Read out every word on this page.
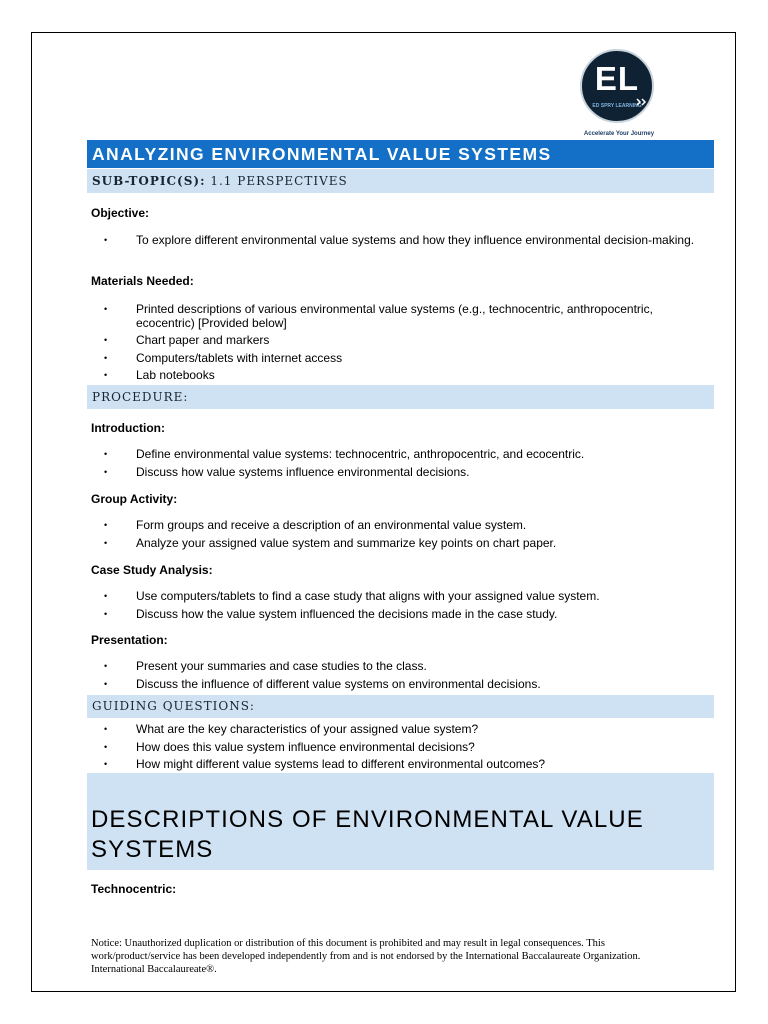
EL
ED SPRY LEARNING
Accelerate Your Journey
ANALYZING ENVIRONMENTAL VALUE SYSTEMS
SUB-TOPIC(S): 1.1 PERSPECTIVES
Objective:
• To explore different environmental value systems and how they influence environmental decision-making.
Materials Needed:
• Printed descriptions of various environmental value systems (e.g., technocentric, anthropocentric, ecocentric) [Provided below]
• Chart paper and markers
• Computers/tablets with internet access
• Lab notebooks
PROCEDURE:
Introduction:
• Define environmental value systems: technocentric, anthropocentric, and ecocentric.
• Discuss how value systems influence environmental decisions.
Group Activity:
• Form groups and receive a description of an environmental value system.
• Analyze your assigned value system and summarize key points on chart paper.
Case Study Analysis:
• Use computers/tablets to find a case study that aligns with your assigned value system.
• Discuss how the value system influenced the decisions made in the case study.
Presentation:
• Present your summaries and case studies to the class.
• Discuss the influence of different value systems on environmental decisions.
GUIDING QUESTIONS:
• What are the key characteristics of your assigned value system?
• How does this value system influence environmental decisions?
• How might different value systems lead to different environmental outcomes?
DESCRIPTIONS OF ENVIRONMENTAL VALUE SYSTEMS
Technocentric:
Notice: Unauthorized duplication or distribution of this document is prohibited and may result in legal consequences. This work/product/service has been developed independently from and is not endorsed by the International Baccalaureate Organization. International Baccalaureate®.
